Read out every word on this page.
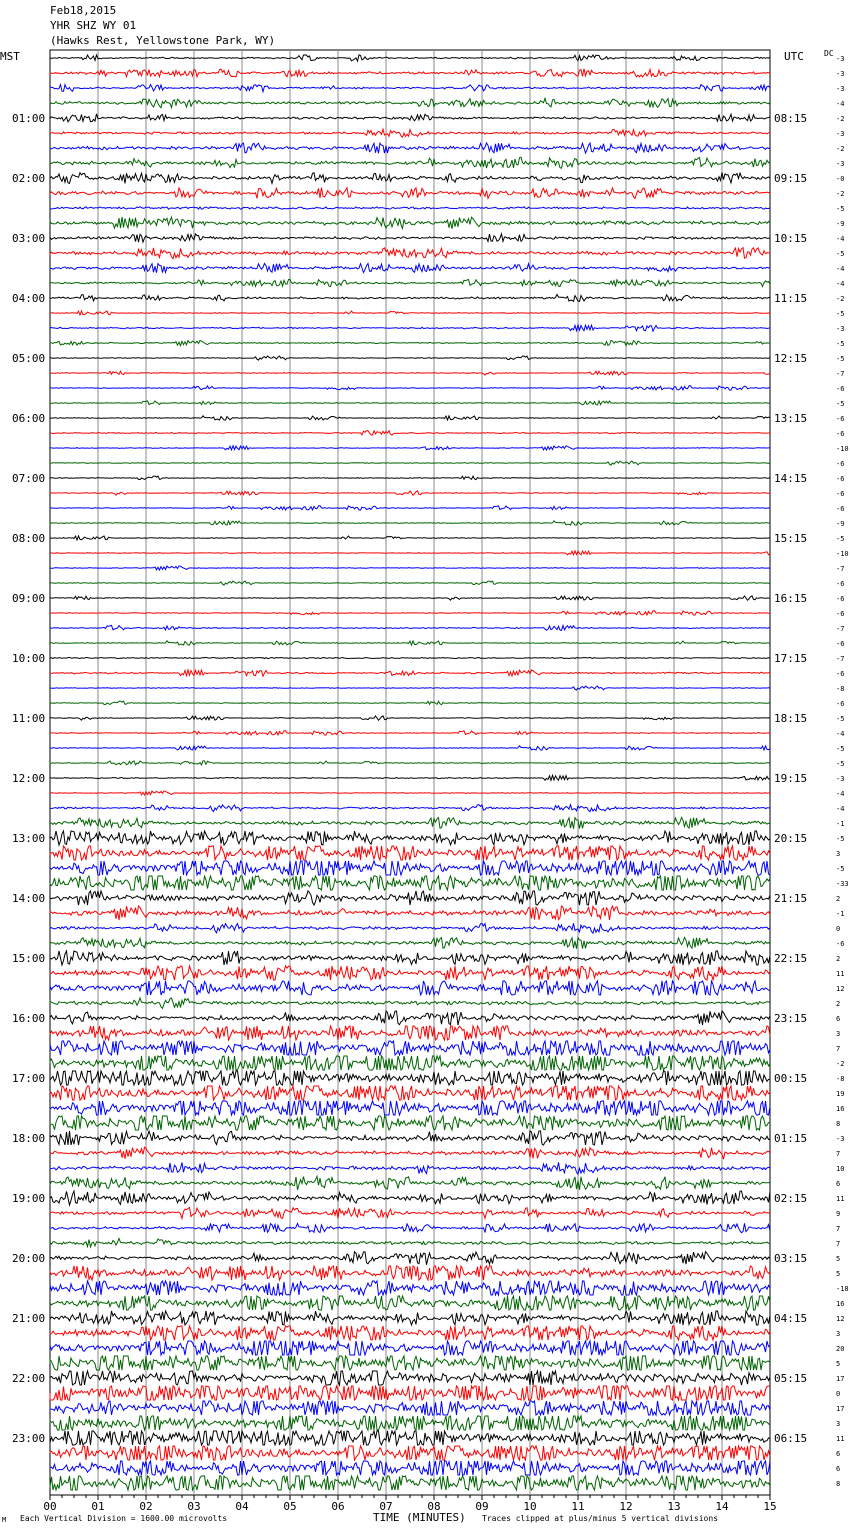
Feb18,2015
YHR SHZ WY 01
(Hawks Rest, Yellowstone Park, WY)
MST	UTC	DC
00	01	02	03	04	05	06	07	08	09	10	11	12	13	14	15
-3
-3
-3
-4
-2
01:00	08:15
-3
-2
-3
-0
02:00	09:15
-2
-5
-9
-4
03:00	10:15
-5
-4
-4
-2
04:00	11:15
-5
-3
-5
-5
05:00	12:15
-7
-6
-5
-6
06:00	13:15
-6
-10
-6
-6
07:00	14:15
-6
-6
-9
-5
08:00	15:15
-10
-7
-6
-6
09:00	16:15
-6
-7
-6
-7
10:00	17:15
-6
-8
-6
-5
11:00	18:15
-4
-5
-5
-3
12:00	19:15
-4
-4
-1
-5
13:00	20:15
3
-5
-33
2
14:00	21:15
-1
0
-6
2
15:00	22:15
11
12
2
6
16:00	23:15
3
7
-2
-8
17:00	00:15
19
16
8
-3
18:00	01:15
7
10
6
11
19:00	02:15
9
7
7
5
20:00	03:15
5
-18
16
12
21:00	04:15
3
20
5
17
22:00	05:15
0
17
3
11
23:00	06:15
6
6
8
M Each Vertical Division = 1600.00 microvolts	TIME (MINUTES) Traces clipped at plus/minus 5 vertical divisions
